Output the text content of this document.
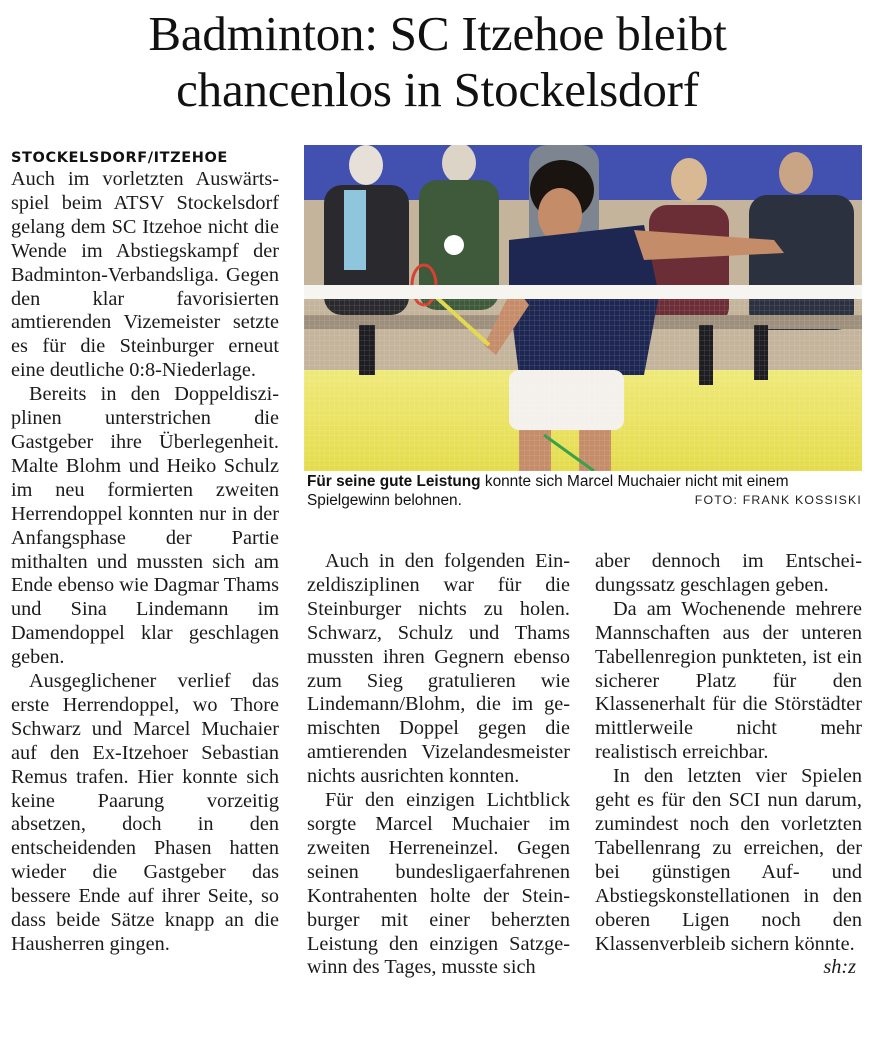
Badminton: SC Itzehoe bleibt
chancenlos in Stockelsdorf
STOCKELSDORF/ITZEHOE

Auch im vorletzten Auswärtsspiel beim ATSV Stockelsdorf gelang dem SC Itzehoe nicht die Wende im Abstiegskampf der Badminton-Verbandsliga. Gegen den klar favorisierten amtierenden Vizemeister setzte es für die Steinburger erneut eine deutliche 0:8-Niederlage.

Bereits in den Doppeldisziplinen unterstrichen die Gastgeber ihre Überlegenheit. Malte Blohm und Heiko Schulz im neu formierten zweiten Herrendoppel konnten nur in der Anfangsphase der Partie mithalten und mussten sich am Ende ebenso wie Dagmar Thams und Sina Lindemann im Damendoppel klar geschlagen geben.

Ausgeglichener verlief das erste Herrendoppel, wo Thore Schwarz und Marcel Muchaier auf den Ex-Itzehoer Sebastian Remus trafen. Hier konnte sich keine Paarung vorzeitig absetzen, doch in den entscheidenden Phasen hatten wieder die Gastgeber das bessere Ende auf ihrer Seite, so dass beide Sätze knapp an die Hausherren gingen.

Für seine gute Leistung konnte sich Marcel Muchaier nicht mit einem Spielgewinn belohnen.	FOTO: FRANK KOSSISKI

Auch in den folgenden Einzeldisziplinen war für die Steinburger nichts zu holen. Schwarz, Schulz und Thams mussten ihren Gegnern ebenso zum Sieg gratulieren wie Lindemann/Blohm, die im gemischten Doppel gegen die amtierenden Vizelandesmeister nichts ausrichten konnten.

Für den einzigen Lichtblick sorgte Marcel Muchaier im zweiten Herreneinzel. Gegen seinen bundesligaerfahrenen Kontrahenten holte der Steinburger mit einer beherzten Leistung den einzigen Satzgewinn des Tages, musste sich

aber dennoch im Entscheidungssatz geschlagen geben.

Da am Wochenende mehrere Mannschaften aus der unteren Tabellenregion punkteten, ist ein sicherer Platz für den Klassenerhalt für die Störstädter mittlerweile nicht mehr realistisch erreichbar.

In den letzten vier Spielen geht es für den SCI nun darum, zumindest noch den vorletzten Tabellenrang zu erreichen, der bei günstigen Auf- und Abstiegskonstellationen in den oberen Ligen noch den Klassenverbleib sichern könnte.
sh:z
